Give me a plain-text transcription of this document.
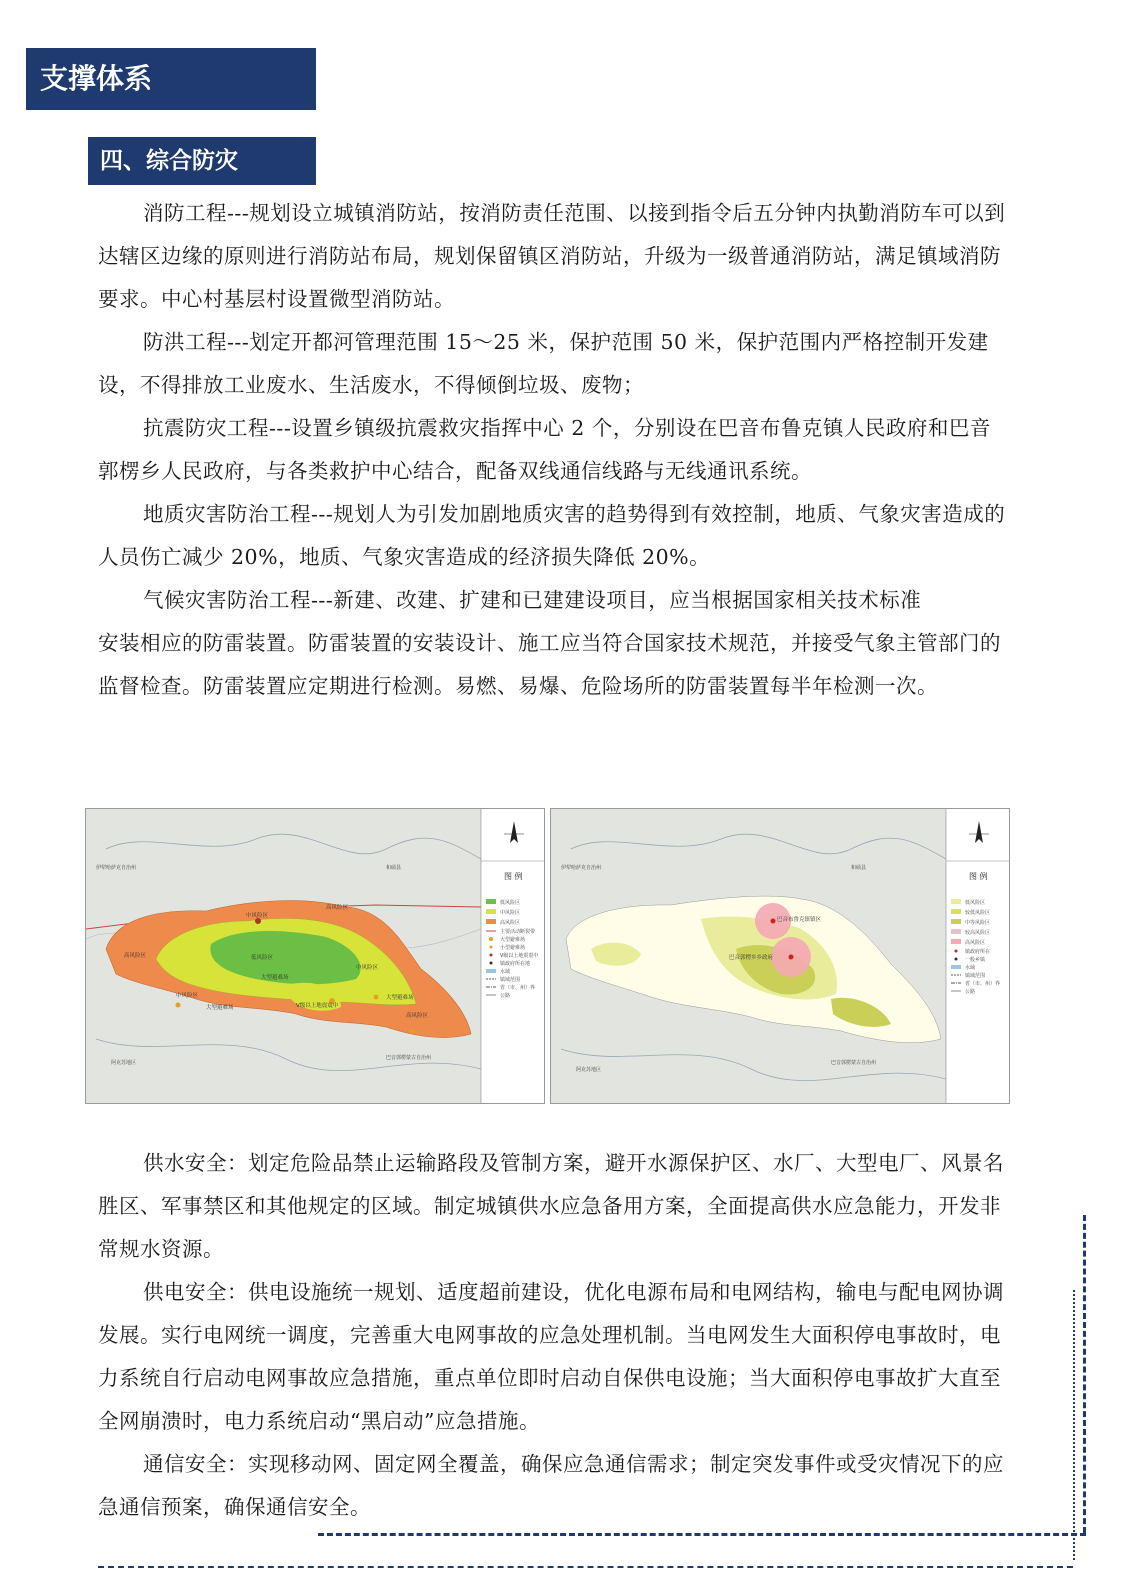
支撑体系
四、综合防灾

消防工程---规划设立城镇消防站，按消防责任范围、以接到指令后五分钟内执勤消防车可以到达辖区边缘的原则进行消防站布局，规划保留镇区消防站，升级为一级普通消防站，满足镇域消防要求。中心村基层村设置微型消防站。

防洪工程---划定开都河管理范围 15～25 米，保护范围 50 米，保护范围内严格控制开发建设，不得排放工业废水、生活废水，不得倾倒垃圾、废物；

抗震防灾工程---设置乡镇级抗震救灾指挥中心 2 个，分别设在巴音布鲁克镇人民政府和巴音郭楞乡人民政府，与各类救护中心结合，配备双线通信线路与无线通讯系统。

地质灾害防治工程---规划人为引发加剧地质灾害的趋势得到有效控制，地质、气象灾害造成的人员伤亡减少 20%，地质、气象灾害造成的经济损失降低 20%。

气候灾害防治工程---新建、改建、扩建和已建建设项目，应当根据国家相关技术标准

安装相应的防雷装置。防雷装置的安装设计、施工应当符合国家技术规范，并接受气象主管部门的监督检查。防雷装置应定期进行检测。易燃、易爆、危险场所的防雷装置每半年检测一次。

中风险区
高风险区
低风险区
中风险区
高风险区
大型避难场
高风险区
大型避难场
中风险区
大型避难场	V级以上地震震中
伊犁哈萨克自治州
阿克苏地区
巴音郭楞蒙古自治州
和硕县
图 例
低风险区
中风险区
高风险区
主要活动断裂带
大型避难场
小型避难场
V级以上地震震中
镇政府所在地
水域
镇域范围
省（市、州）界
公路
巴音布鲁克镇镇区
巴音郭楞乡乡政府
伊犁哈萨克自治州
阿克苏地区
和硕县
巴音郭楞蒙古自治州
图 例
低风险区
较低风险区
中等风险区
较高风险区
高风险区
镇政府所在
一般乡镇
水域
镇域范围
省（市、州）界
公路

供水安全：划定危险品禁止运输路段及管制方案，避开水源保护区、水厂、大型电厂、风景名胜区、军事禁区和其他规定的区域。制定城镇供水应急备用方案，全面提高供水应急能力，开发非常规水资源。

供电安全：供电设施统一规划、适度超前建设，优化电源布局和电网结构，输电与配电网协调发展。实行电网统一调度，完善重大电网事故的应急处理机制。当电网发生大面积停电事故时，电力系统自行启动电网事故应急措施，重点单位即时启动自保供电设施；当大面积停电事故扩大直至全网崩溃时，电力系统启动“黑启动”应急措施。

通信安全：实现移动网、固定网全覆盖，确保应急通信需求；制定突发事件或受灾情况下的应急通信预案，确保通信安全。
